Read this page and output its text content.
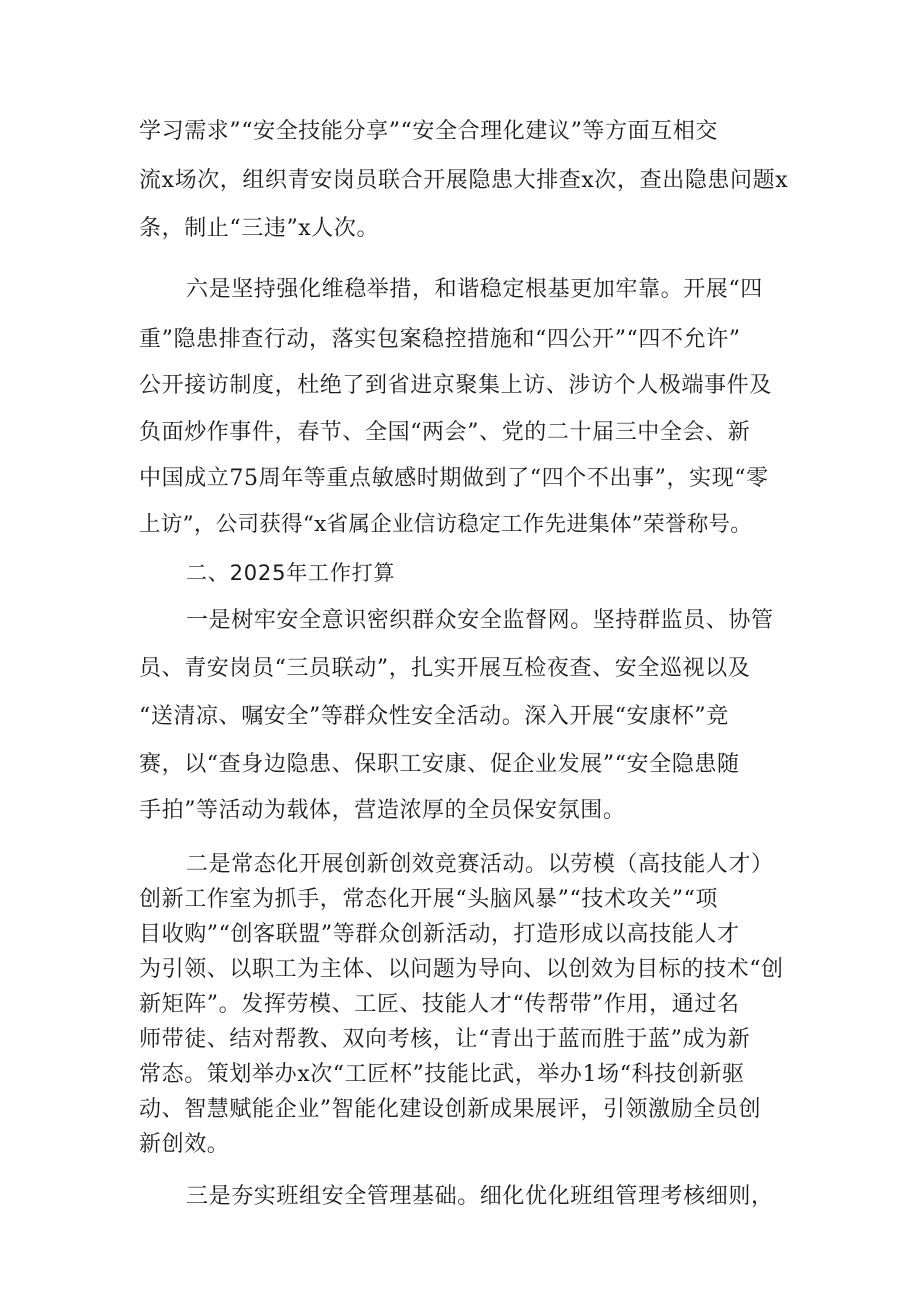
学习需求”“安全技能分享”“安全合理化建议”等方面互相交
流x场次，组织青安岗员联合开展隐患大排查x次，查出隐患问题x
条，制止“三违”x人次。
六是坚持强化维稳举措，和谐稳定根基更加牢靠。开展“四
重”隐患排查行动，落实包案稳控措施和“四公开”“四不允许”
公开接访制度，杜绝了到省进京聚集上访、涉访个人极端事件及
负面炒作事件，春节、全国“两会”、党的二十届三中全会、新
中国成立75周年等重点敏感时期做到了“四个不出事”，实现“零
上访”，公司获得“x省属企业信访稳定工作先进集体”荣誉称号。
二、2025年工作打算
一是树牢安全意识密织群众安全监督网。坚持群监员、协管
员、青安岗员“三员联动”，扎实开展互检夜查、安全巡视以及
“送清凉、嘱安全”等群众性安全活动。深入开展“安康杯”竞
赛，以“查身边隐患、保职工安康、促企业发展”“安全隐患随
手拍”等活动为载体，营造浓厚的全员保安氛围。
二是常态化开展创新创效竞赛活动。以劳模（高技能人才）
创新工作室为抓手，常态化开展“头脑风暴”“技术攻关”“项
目收购”“创客联盟”等群众创新活动，打造形成以高技能人才
为引领、以职工为主体、以问题为导向、以创效为目标的技术“创
新矩阵”。发挥劳模、工匠、技能人才“传帮带”作用，通过名
师带徒、结对帮教、双向考核，让“青出于蓝而胜于蓝”成为新
常态。策划举办x次“工匠杯”技能比武，举办1场“科技创新驱
动、智慧赋能企业”智能化建设创新成果展评，引领激励全员创
新创效。
三是夯实班组安全管理基础。细化优化班组管理考核细则，
